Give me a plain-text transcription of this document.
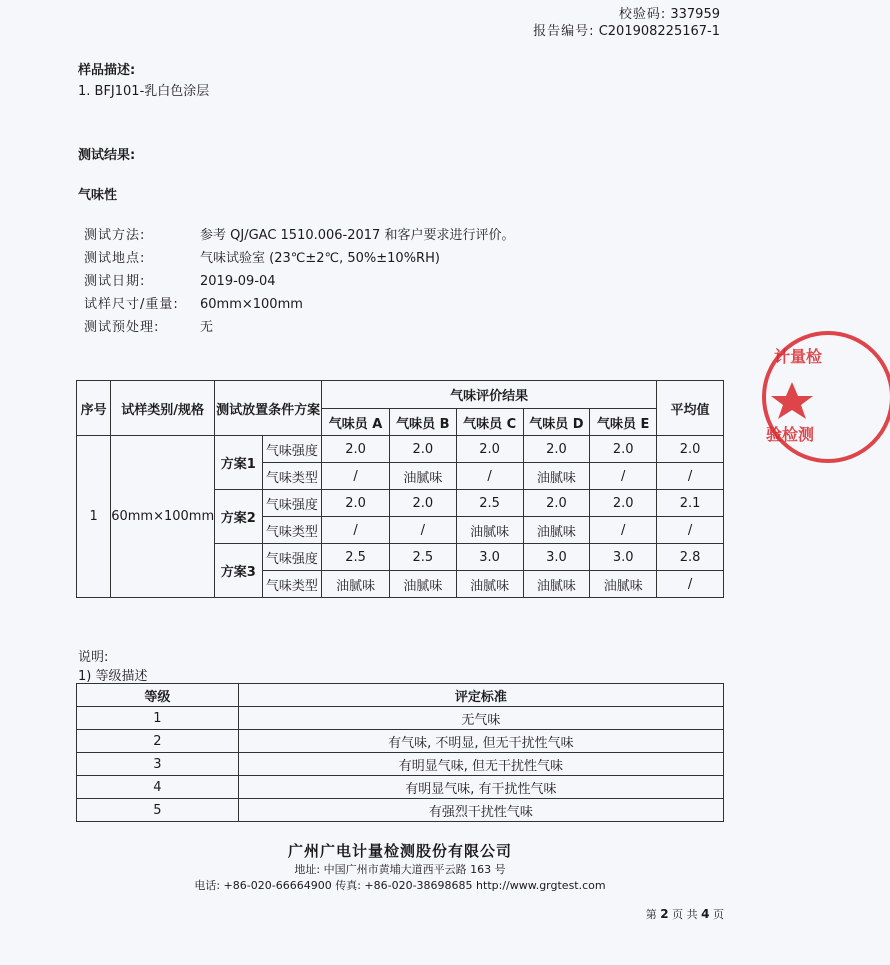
校验码: 337959
报告编号: C201908225167-1
样品描述:
1. BFJ101-乳白色涂层
测试结果:
气味性
测试方法:	参考 QJ/GAC 1510.006-2017 和客户要求进行评价。
测试地点:	气味试验室 (23℃±2℃, 50%±10%RH)
测试日期:	2019-09-04
试样尺寸/重量:	60mm×100mm
测试预处理:	无
序号	试样类别/规格	测试放置条件方案		气味评价结果					平均值
				气味员 A	气味员 B	气味员 C	气味员 D	气味员 E	
1	60mm×100mm	方案1	气味强度	2.0	2.0	2.0	2.0	2.0	2.0
			气味类型	/	油腻味	/	油腻味	/	/
		方案2	气味强度	2.0	2.0	2.5	2.0	2.0	2.1
			气味类型	/	/	油腻味	油腻味	/	/
		方案3	气味强度	2.5	2.5	3.0	3.0	3.0	2.8
			气味类型	油腻味	油腻味	油腻味	油腻味	油腻味	/
说明:
1) 等级描述
等级	评定标准
1	无气味
2	有气味, 不明显, 但无干扰性气味
3	有明显气味, 但无干扰性气味
4	有明显气味, 有干扰性气味
5	有强烈干扰性气味
广州广电计量检测股份有限公司
地址: 中国广州市黄埔大道西平云路 163 号
电话: +86-020-66664900 传真: +86-020-38698685 http://www.grgtest.com
第 2 页 共 4 页
计量检
验检测
